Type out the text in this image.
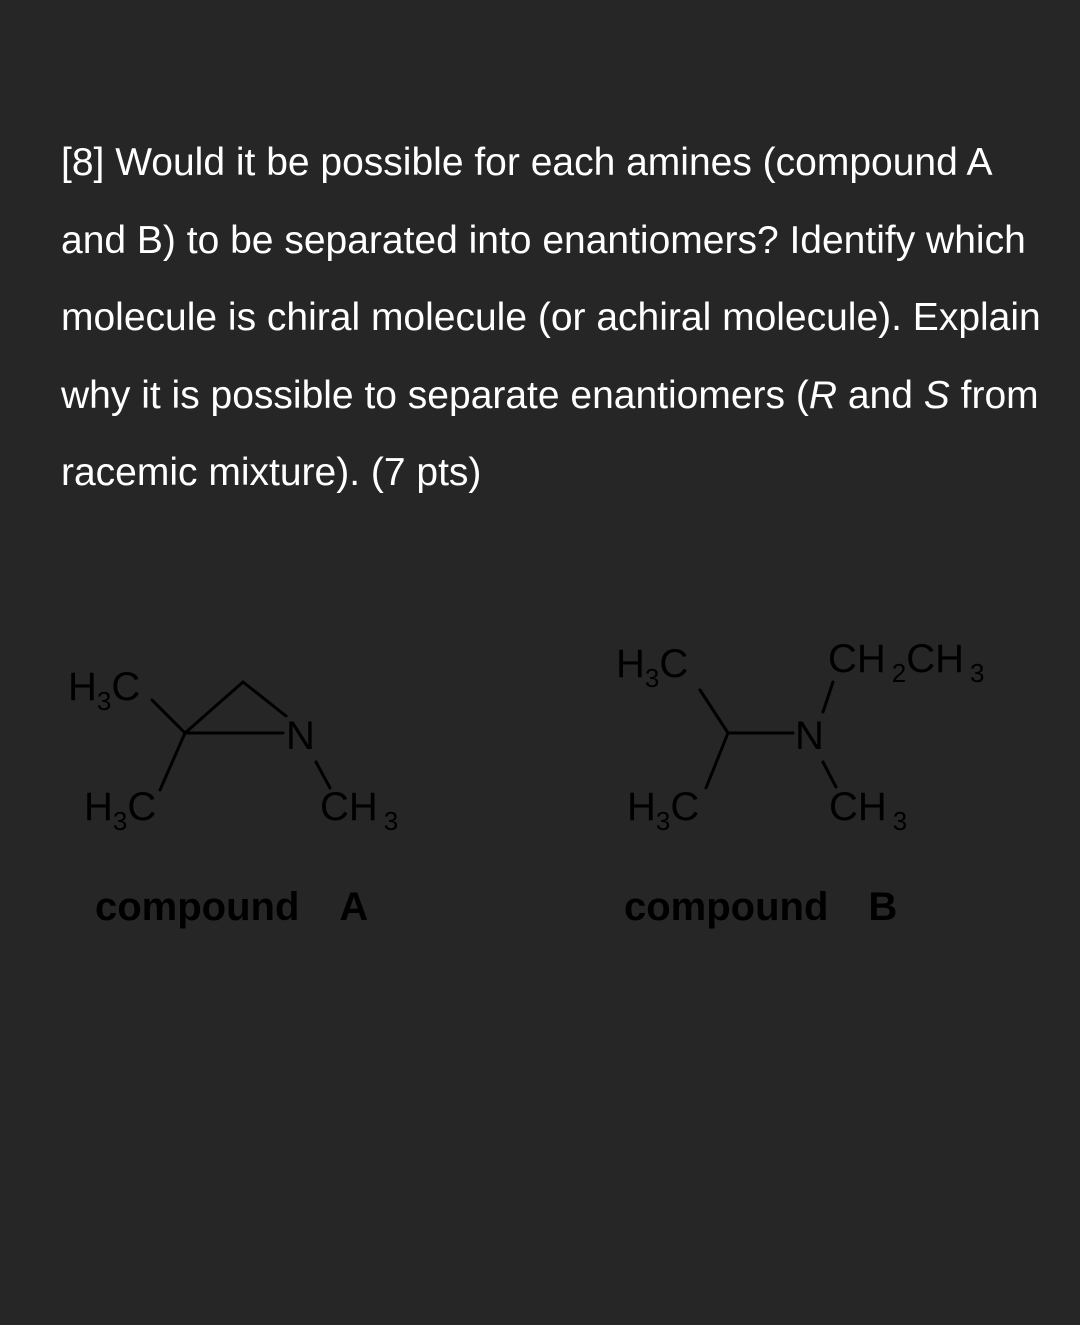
[8] Would it be possible for each amines (compound A and B) to be separated into enantiomers? Identify which molecule is chiral molecule (or achiral molecule). Explain why it is possible to separate enantiomers (R and S from racemic mixture). (7 pts)

$H_3C$
$H_3C$
N
CH $_3$
compound A
$H_3C$
$H_3C$
N
CH $_2$CH $_3$
CH $_3$
compound B
